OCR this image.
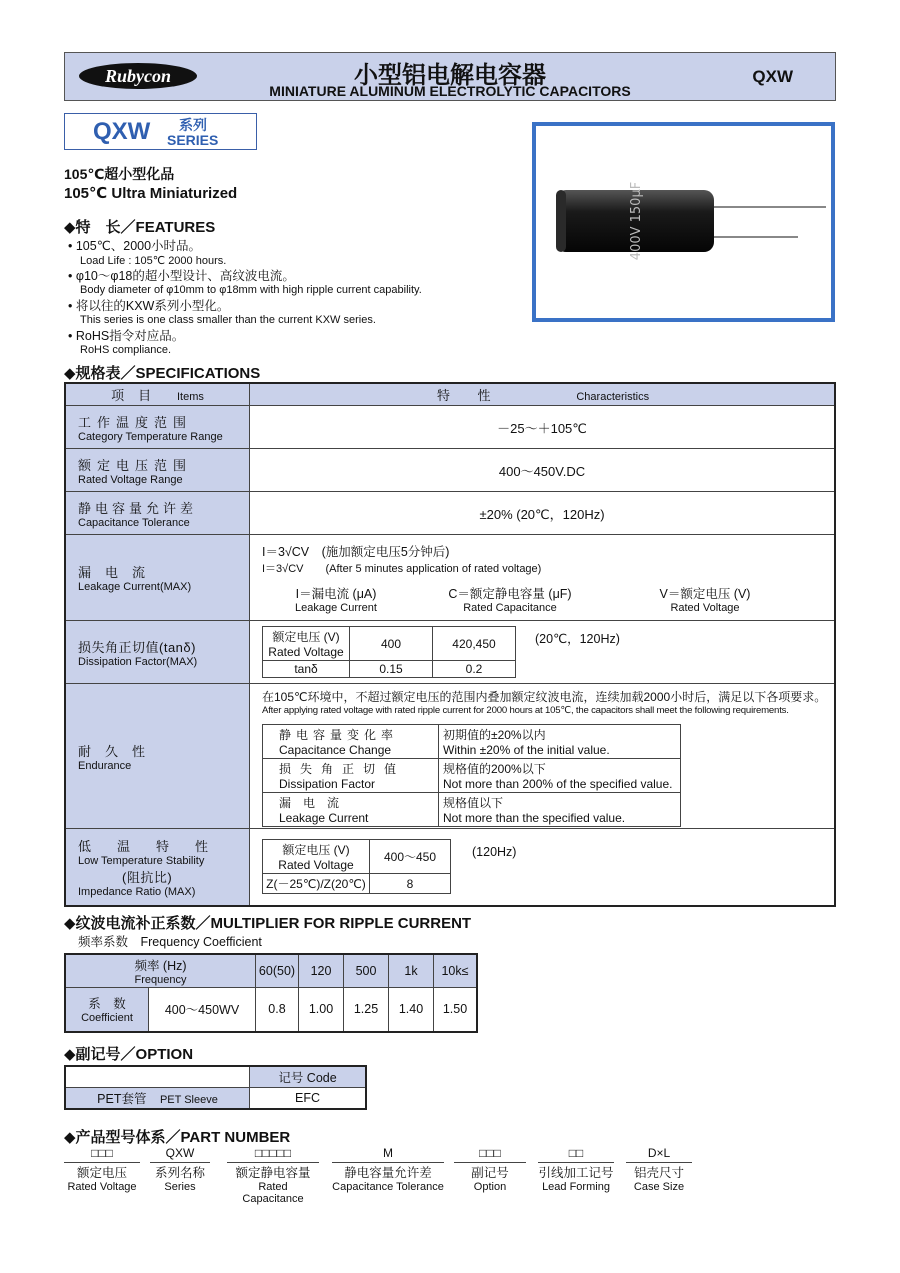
Rubycon	小型铝电解电容器
MINIATURE ALUMINUM ELECTROLYTIC CAPACITORS
QXW
QXW 系列
SERIES
105℃超小型化品
105℃ Ultra Miniaturized
◆特　长／FEATURES
• 105℃、2000小时品。
Load Life : 105℃ 2000 hours.
• φ10～φ18的超小型设计、高纹波电流。
Body diameter of φ10mm to φ18mm with high ripple current capability.
• 将以往的KXW系列小型化。
This series is one class smaller than the current KXW series.
• RoHS指令对应品。
RoHS compliance.
400V 150μF
◆规格表／SPECIFICATIONS
项　目 Items	特　　性	Characteristics

工作温度范围
Category Temperature Range
	－25～＋105℃

额定电压范围
Rated Voltage Range
	400～450V.DC

静电容量允许差
Capacitance Tolerance
	±20% (20℃，120Hz)

漏　电　流
Leakage Current(MAX)

I＝3√CV　(施加额定电压5分钟后)
I＝3√CV　　(After 5 minutes application of rated voltage)
I＝漏电流 (μA)
Leakage Current
C＝额定静电容量 (μF)
Rated Capacitance
V＝额定电压 (V)
Rated Voltage

损失角正切值(tanδ)
Dissipation Factor(MAX)

额定电压 (V)
Rated Voltage
	400	420,450
tanδ	0.15	0.2
(20℃，120Hz)

耐　久　性
Endurance

在105℃环境中，不超过额定电压的范围内叠加额定纹波电流，连续加载2000小时后，满足以下各项要求。
After applying rated voltage with rated ripple current for 2000 hours at 105℃, the capacitors shall meet the following requirements.
静电容量变化率
Capacitance Change

初期值的±20%以内
Within ±20% of the initial value.

损失角正切值
Dissipation Factor

规格值的200%以下
Not more than 200% of the specified value.

漏　电　流
Leakage Current

规格值以下
Not more than the specified value.

低温特性
Low Temperature Stability
(阻抗比)
Impedance Ratio (MAX)

额定电压 (V)
Rated Voltage
	400～450
Z(－25℃)/Z(20℃)	8
(120Hz)
◆纹波电流补正系数／MULTIPLIER FOR RIPPLE CURRENT
频率系数　Frequency Coefficient
频率 (Hz)
Frequency		60(50)	120	500	1k	10k≤

系　数
Coefficient	400～450WV	0.8	1.00	1.25	1.40	1.50
◆副记号／OPTION
	记号 Code
PET套管 PET Sleeve	EFC
◆产品型号体系／PART NUMBER
□□□
额定电压
Rated Voltage
QXW
系列名称
Series
□□□□□
额定静电容量
Rated Capacitance
M
静电容量允许差
Capacitance Tolerance
□□□
副记号
Option
□□
引线加工记号
Lead Forming
D×L
铝壳尺寸
Case Size
